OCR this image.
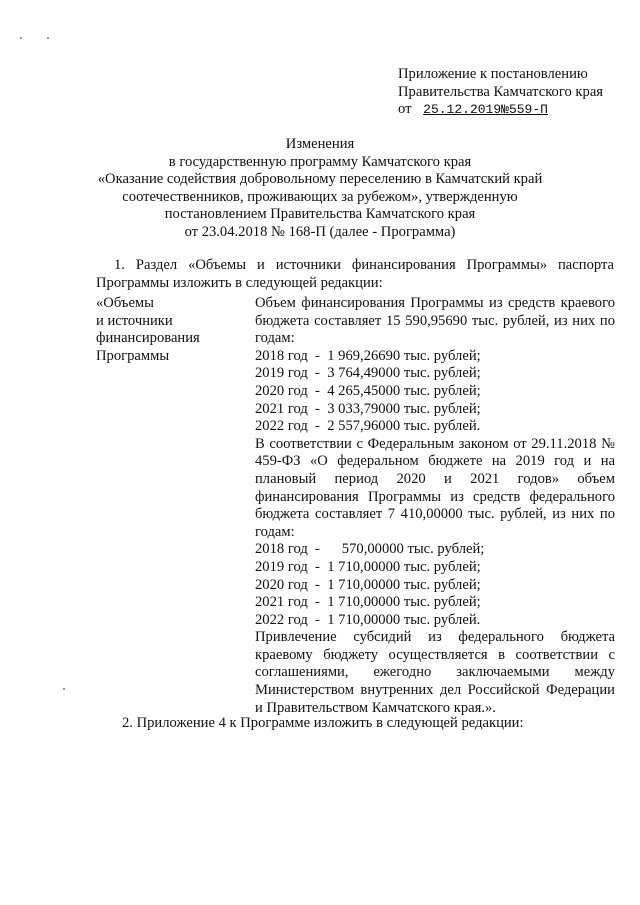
Приложение к постановлению
Правительства Камчатского края
от 25.12.2019№559-П
Изменения
в государственную программу Камчатского края
«Оказание содействия добровольному переселению в Камчатский край
соотечественников, проживающих за рубежом», утвержденную
постановлением Правительства Камчатского края
от 23.04.2018 № 168-П (далее - Программа)
1. Раздел «Объемы и источники финансирования Программы» паспорта Программы изложить в следующей редакции:
«Объемы
и источники
финансирования
Программы
Объем финансирования Программы из средств краевого бюджета составляет 15 590,95690 тыс. рублей, из них по годам:
2018 год  -  1 969,26690 тыс. рублей;
2019 год  -  3 764,49000 тыс. рублей;
2020 год  -  4 265,45000 тыс. рублей;
2021 год  -  3 033,79000 тыс. рублей;
2022 год  -  2 557,96000 тыс. рублей.
В соответствии с Федеральным законом от 29.11.2018 № 459-ФЗ «О федеральном бюджете на 2019 год и на плановый период 2020 и 2021 годов» объем финансирования Программы из средств федерального бюджета составляет 7 410,00000 тыс. рублей, из них по годам:
2018 год  -      570,00000 тыс. рублей;
2019 год  -  1 710,00000 тыс. рублей;
2020 год  -  1 710,00000 тыс. рублей;
2021 год  -  1 710,00000 тыс. рублей;
2022 год  -  1 710,00000 тыс. рублей.
Привлечение субсидий из федерального бюджета краевому бюджету осуществляется в соответствии с соглашениями, ежегодно заключаемыми между Министерством внутренних дел Российской Федерации и Правительством Камчатского края.».
2. Приложение 4 к Программе изложить в следующей редакции:
